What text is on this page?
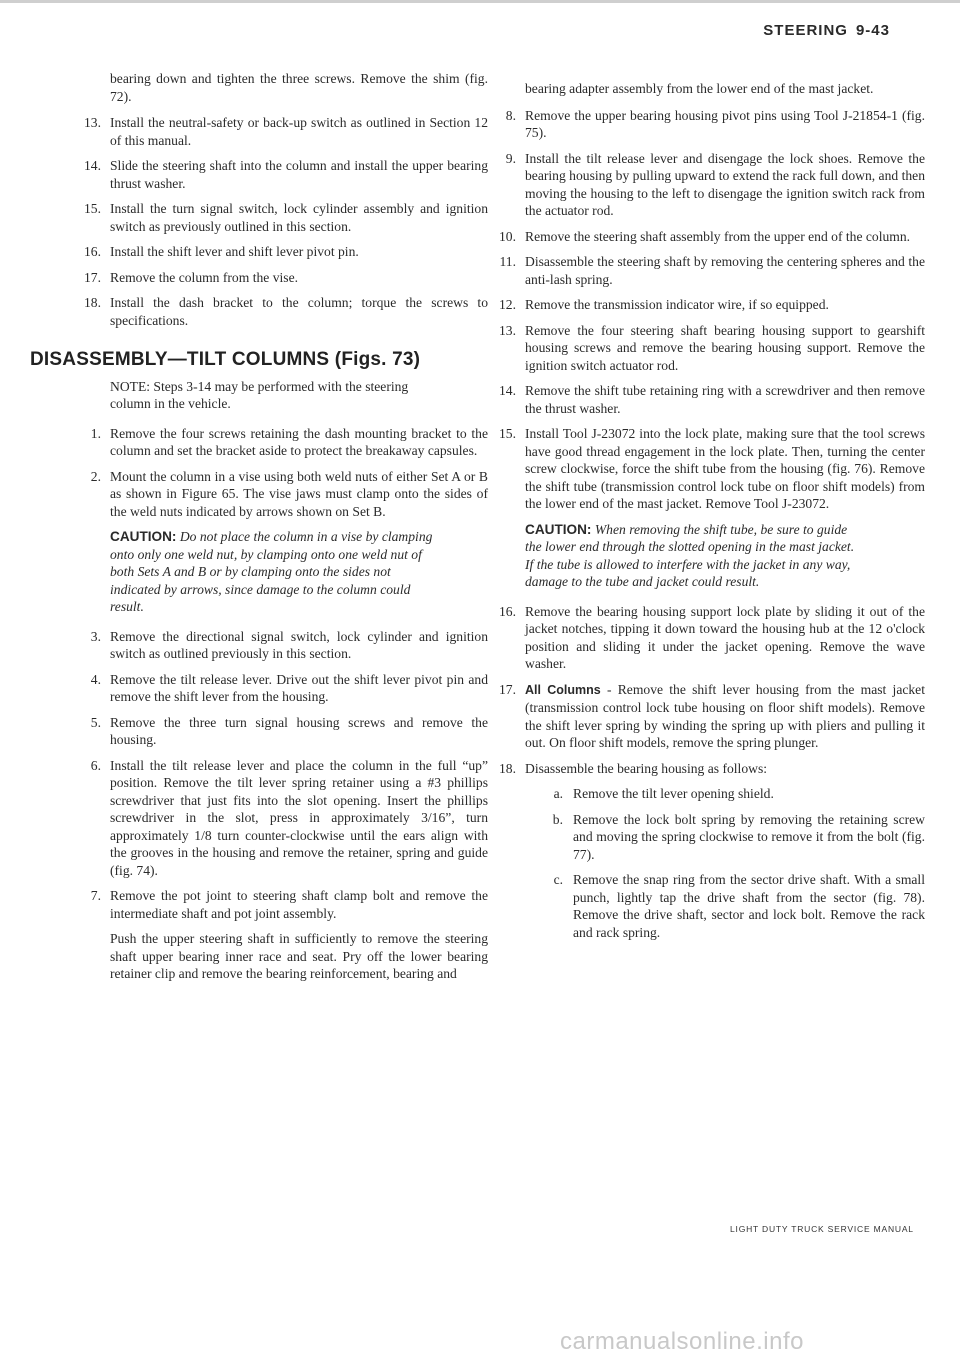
STEERING 9-43

bearing down and tighten the three screws. Remove the shim (fig. 72).

13. Install the neutral-safety or back-up switch as outlined in Section 12 of this manual.
14. Slide the steering shaft into the column and install the upper bearing thrust washer.
15. Install the turn signal switch, lock cylinder assembly and ignition switch as previously outlined in this section.
16. Install the shift lever and shift lever pivot pin.
17. Remove the column from the vise.
18. Install the dash bracket to the column; torque the screws to specifications.
DISASSEMBLY—TILT COLUMNS (Figs. 73)
NOTE: Steps 3-14 may be performed with the steering column in the vehicle.
1. Remove the four screws retaining the dash mounting bracket to the column and set the bracket aside to protect the breakaway capsules.
2. Mount the column in a vise using both weld nuts of either Set A or B as shown in Figure 65. The vise jaws must clamp onto the sides of the weld nuts indicated by arrows shown on Set B.
CAUTION: Do not place the column in a vise by clamping onto only one weld nut, by clamping onto one weld nut of both Sets A and B or by clamping onto the sides not indicated by arrows, since damage to the column could result.
3. Remove the directional signal switch, lock cylinder and ignition switch as outlined previously in this section.
4. Remove the tilt release lever. Drive out the shift lever pivot pin and remove the shift lever from the housing.
5. Remove the three turn signal housing screws and remove the housing.
6. Install the tilt release lever and place the column in the full “up” position. Remove the tilt lever spring retainer using a #3 phillips screwdriver that just fits into the slot opening. Insert the phillips screwdriver in the slot, press in approximately 3/16”, turn approximately 1/8 turn counter-clockwise until the ears align with the grooves in the housing and remove the retainer, spring and guide (fig. 74).
7. Remove the pot joint to steering shaft clamp bolt and remove the intermediate shaft and pot joint assembly.

Push the upper steering shaft in sufficiently to remove the steering shaft upper bearing inner race and seat. Pry off the lower bearing retainer clip and remove the bearing reinforcement, bearing and

bearing adapter assembly from the lower end of the mast jacket.

8. Remove the upper bearing housing pivot pins using Tool J-21854-1 (fig. 75).
9. Install the tilt release lever and disengage the lock shoes. Remove the bearing housing by pulling upward to extend the rack full down, and then moving the housing to the left to disengage the ignition switch rack from the actuator rod.
10. Remove the steering shaft assembly from the upper end of the column.
11. Disassemble the steering shaft by removing the centering spheres and the anti-lash spring.
12. Remove the transmission indicator wire, if so equipped.
13. Remove the four steering shaft bearing housing support to gearshift housing screws and remove the bearing housing support. Remove the ignition switch actuator rod.
14. Remove the shift tube retaining ring with a screwdriver and then remove the thrust washer.
15. Install Tool J-23072 into the lock plate, making sure that the tool screws have good thread engagement in the lock plate. Then, turning the center screw clockwise, force the shift tube from the housing (fig. 76). Remove the shift tube (transmission control lock tube on floor shift models) from the lower end of the mast jacket. Remove Tool J-23072.
CAUTION: When removing the shift tube, be sure to guide the lower end through the slotted opening in the mast jacket. If the tube is allowed to interfere with the jacket in any way, damage to the tube and jacket could result.
16. Remove the bearing housing support lock plate by sliding it out of the jacket notches, tipping it down toward the housing hub at the 12 o'clock position and sliding it under the jacket opening. Remove the wave washer.
17. All Columns - Remove the shift lever housing from the mast jacket (transmission control lock tube housing on floor shift models). Remove the shift lever spring by winding the spring up with pliers and pulling it out. On floor shift models, remove the spring plunger.
18. Disassemble the bearing housing as follows:
a. Remove the tilt lever opening shield.
b. Remove the lock bolt spring by removing the retaining screw and moving the spring clockwise to remove it from the bolt (fig. 77).
c. Remove the snap ring from the sector drive shaft. With a small punch, lightly tap the drive shaft from the sector (fig. 78). Remove the drive shaft, sector and lock bolt. Remove the rack and rack spring.
LIGHT DUTY TRUCK SERVICE MANUAL
carmanualsonline.info
